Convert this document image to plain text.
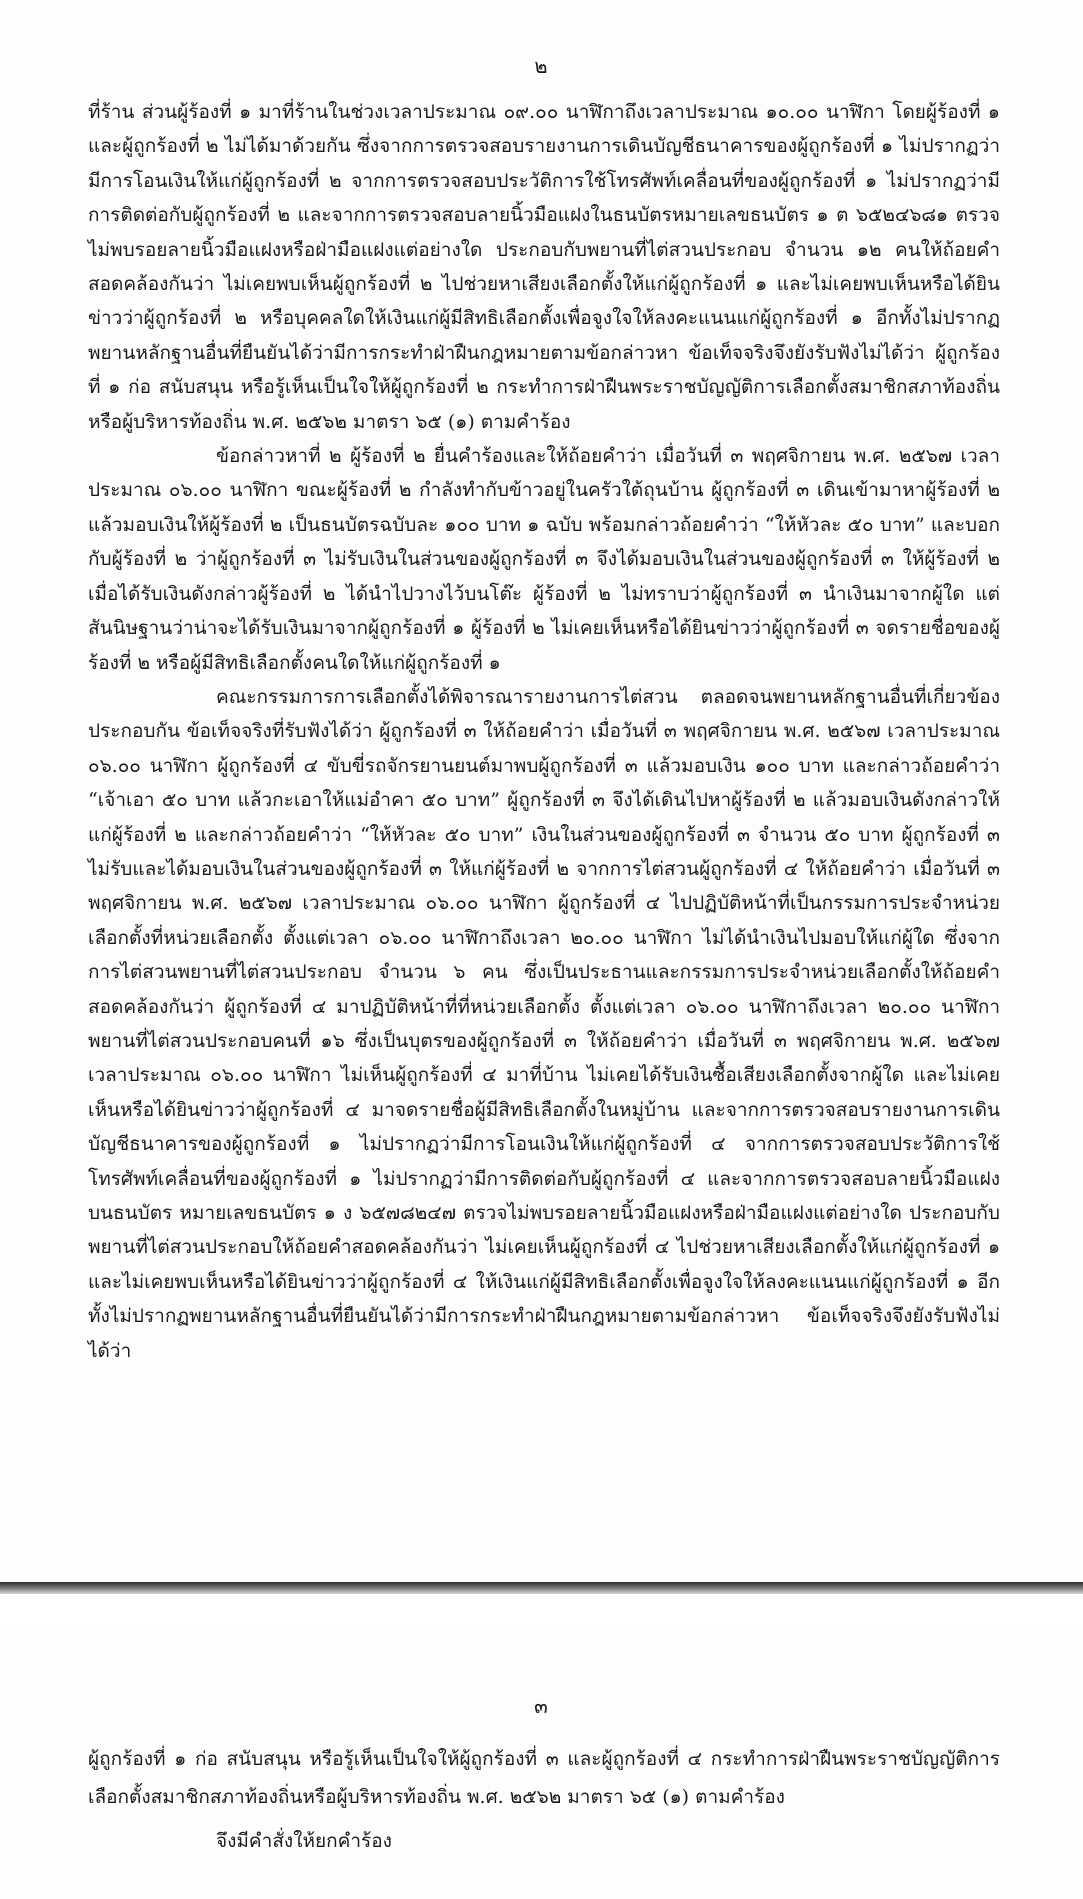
๒

ที่ร้าน ส่วนผู้ร้องที่ ๑ มาที่ร้านในช่วงเวลาประมาณ ๐๙.๐๐ นาฬิกาถึงเวลาประมาณ ๑๐.๐๐ นาฬิกา โดยผู้ร้องที่ ๑ และผู้ถูกร้องที่ ๒ ไม่ได้มาด้วยกัน ซึ่งจากการตรวจสอบรายงานการเดินบัญชีธนาคารของผู้ถูกร้องที่ ๑ ไม่ปรากฏว่ามีการโอนเงินให้แก่ผู้ถูกร้องที่ ๒ จากการตรวจสอบประวัติการใช้โทรศัพท์เคลื่อนที่ของผู้ถูกร้องที่ ๑ ไม่ปรากฏว่ามีการติดต่อกับผู้ถูกร้องที่ ๒ และจากการตรวจสอบลายนิ้วมือแฝงในธนบัตรหมายเลขธนบัตร ๑ ต ๖๕๒๔๖๘๑ ตรวจไม่พบรอยลายนิ้วมือแฝงหรือฝ่ามือแฝงแต่อย่างใด ประกอบกับพยานที่ไต่สวนประกอบ จำนวน ๑๒ คนให้ถ้อยคำสอดคล้องกันว่า ไม่เคยพบเห็นผู้ถูกร้องที่ ๒ ไปช่วยหาเสียงเลือกตั้งให้แก่ผู้ถูกร้องที่ ๑ และไม่เคยพบเห็นหรือได้ยินข่าวว่าผู้ถูกร้องที่ ๒ หรือบุคคลใดให้เงินแก่ผู้มีสิทธิเลือกตั้งเพื่อจูงใจให้ลงคะแนนแก่ผู้ถูกร้องที่ ๑ อีกทั้งไม่ปรากฏพยานหลักฐานอื่นที่ยืนยันได้ว่ามีการกระทำฝ่าฝืนกฎหมายตามข้อกล่าวหา ข้อเท็จจริงจึงยังรับฟังไม่ได้ว่า ผู้ถูกร้องที่ ๑ ก่อ สนับสนุน หรือรู้เห็นเป็นใจให้ผู้ถูกร้องที่ ๒ กระทำการฝ่าฝืนพระราชบัญญัติการเลือกตั้งสมาชิกสภาท้องถิ่นหรือผู้บริหารท้องถิ่น พ.ศ. ๒๕๖๒ มาตรา ๖๕ (๑) ตามคำร้อง

ข้อกล่าวหาที่ ๒ ผู้ร้องที่ ๒ ยื่นคำร้องและให้ถ้อยคำว่า เมื่อวันที่ ๓ พฤศจิกายน พ.ศ. ๒๕๖๗ เวลาประมาณ ๐๖.๐๐ นาฬิกา ขณะผู้ร้องที่ ๒ กำลังทำกับข้าวอยู่ในครัวใต้ถุนบ้าน ผู้ถูกร้องที่ ๓ เดินเข้ามาหาผู้ร้องที่ ๒ แล้วมอบเงินให้ผู้ร้องที่ ๒ เป็นธนบัตรฉบับละ ๑๐๐ บาท ๑ ฉบับ พร้อมกล่าวถ้อยคำว่า “ให้หัวละ ๕๐ บาท” และบอกกับผู้ร้องที่ ๒ ว่าผู้ถูกร้องที่ ๓ ไม่รับเงินในส่วนของผู้ถูกร้องที่ ๓ จึงได้มอบเงินในส่วนของผู้ถูกร้องที่ ๓ ให้ผู้ร้องที่ ๒ เมื่อได้รับเงินดังกล่าวผู้ร้องที่ ๒ ได้นำไปวางไว้บนโต๊ะ ผู้ร้องที่ ๒ ไม่ทราบว่าผู้ถูกร้องที่ ๓ นำเงินมาจากผู้ใด แต่สันนิษฐานว่าน่าจะได้รับเงินมาจากผู้ถูกร้องที่ ๑ ผู้ร้องที่ ๒ ไม่เคยเห็นหรือได้ยินข่าวว่าผู้ถูกร้องที่ ๓ จดรายชื่อของผู้ร้องที่ ๒ หรือผู้มีสิทธิเลือกตั้งคนใดให้แก่ผู้ถูกร้องที่ ๑

คณะกรรมการการเลือกตั้งได้พิจารณารายงานการไต่สวน ตลอดจนพยานหลักฐานอื่นที่เกี่ยวข้องประกอบกัน ข้อเท็จจริงที่รับฟังได้ว่า ผู้ถูกร้องที่ ๓ ให้ถ้อยคำว่า เมื่อวันที่ ๓ พฤศจิกายน พ.ศ. ๒๕๖๗ เวลาประมาณ ๐๖.๐๐ นาฬิกา ผู้ถูกร้องที่ ๔ ขับขี่รถจักรยานยนต์มาพบผู้ถูกร้องที่ ๓ แล้วมอบเงิน ๑๐๐ บาท และกล่าวถ้อยคำว่า “เจ้าเอา ๕๐ บาท แล้วกะเอาให้แม่อำคา ๕๐ บาท” ผู้ถูกร้องที่ ๓ จึงได้เดินไปหาผู้ร้องที่ ๒ แล้วมอบเงินดังกล่าวให้แก่ผู้ร้องที่ ๒ และกล่าวถ้อยคำว่า “ให้หัวละ ๕๐ บาท” เงินในส่วนของผู้ถูกร้องที่ ๓ จำนวน ๕๐ บาท ผู้ถูกร้องที่ ๓ ไม่รับและได้มอบเงินในส่วนของผู้ถูกร้องที่ ๓ ให้แก่ผู้ร้องที่ ๒ จากการไต่สวนผู้ถูกร้องที่ ๔ ให้ถ้อยคำว่า เมื่อวันที่ ๓ พฤศจิกายน พ.ศ. ๒๕๖๗ เวลาประมาณ ๐๖.๐๐ นาฬิกา ผู้ถูกร้องที่ ๔ ไปปฏิบัติหน้าที่เป็นกรรมการประจำหน่วยเลือกตั้งที่หน่วยเลือกตั้ง ตั้งแต่เวลา ๐๖.๐๐ นาฬิกาถึงเวลา ๒๐.๐๐ นาฬิกา ไม่ได้นำเงินไปมอบให้แก่ผู้ใด ซึ่งจากการไต่สวนพยานที่ไต่สวนประกอบ จำนวน ๖ คน ซึ่งเป็นประธานและกรรมการประจำหน่วยเลือกตั้งให้ถ้อยคำสอดคล้องกันว่า ผู้ถูกร้องที่ ๔ มาปฏิบัติหน้าที่ที่หน่วยเลือกตั้ง ตั้งแต่เวลา ๐๖.๐๐ นาฬิกาถึงเวลา ๒๐.๐๐ นาฬิกา พยานที่ไต่สวนประกอบคนที่ ๑๖ ซึ่งเป็นบุตรของผู้ถูกร้องที่ ๓ ให้ถ้อยคำว่า เมื่อวันที่ ๓ พฤศจิกายน พ.ศ. ๒๕๖๗ เวลาประมาณ ๐๖.๐๐ นาฬิกา ไม่เห็นผู้ถูกร้องที่ ๔ มาที่บ้าน ไม่เคยได้รับเงินซื้อเสียงเลือกตั้งจากผู้ใด และไม่เคยเห็นหรือได้ยินข่าวว่าผู้ถูกร้องที่ ๔ มาจดรายชื่อผู้มีสิทธิเลือกตั้งในหมู่บ้าน และจากการตรวจสอบรายงานการเดินบัญชีธนาคารของผู้ถูกร้องที่ ๑ ไม่ปรากฏว่ามีการโอนเงินให้แก่ผู้ถูกร้องที่ ๔ จากการตรวจสอบประวัติการใช้โทรศัพท์เคลื่อนที่ของผู้ถูกร้องที่ ๑ ไม่ปรากฏว่ามีการติดต่อกับผู้ถูกร้องที่ ๔ และจากการตรวจสอบลายนิ้วมือแฝงบนธนบัตร หมายเลขธนบัตร ๑ ง ๖๕๗๘๒๔๗ ตรวจไม่พบรอยลายนิ้วมือแฝงหรือฝ่ามือแฝงแต่อย่างใด ประกอบกับพยานที่ไต่สวนประกอบให้ถ้อยคำสอดคล้องกันว่า ไม่เคยเห็นผู้ถูกร้องที่ ๔ ไปช่วยหาเสียงเลือกตั้งให้แก่ผู้ถูกร้องที่ ๑ และไม่เคยพบเห็นหรือได้ยินข่าวว่าผู้ถูกร้องที่ ๔ ให้เงินแก่ผู้มีสิทธิเลือกตั้งเพื่อจูงใจให้ลงคะแนนแก่ผู้ถูกร้องที่ ๑ อีกทั้งไม่ปรากฏพยานหลักฐานอื่นที่ยืนยันได้ว่ามีการกระทำฝ่าฝืนกฎหมายตามข้อกล่าวหา ข้อเท็จจริงจึงยังรับฟังไม่ได้ว่า

๓

ผู้ถูกร้องที่ ๑ ก่อ สนับสนุน หรือรู้เห็นเป็นใจให้ผู้ถูกร้องที่ ๓ และผู้ถูกร้องที่ ๔ กระทำการฝ่าฝืนพระราชบัญญัติการเลือกตั้งสมาชิกสภาท้องถิ่นหรือผู้บริหารท้องถิ่น พ.ศ. ๒๕๖๒ มาตรา ๖๕ (๑) ตามคำร้อง

จึงมีคำสั่งให้ยกคำร้อง
